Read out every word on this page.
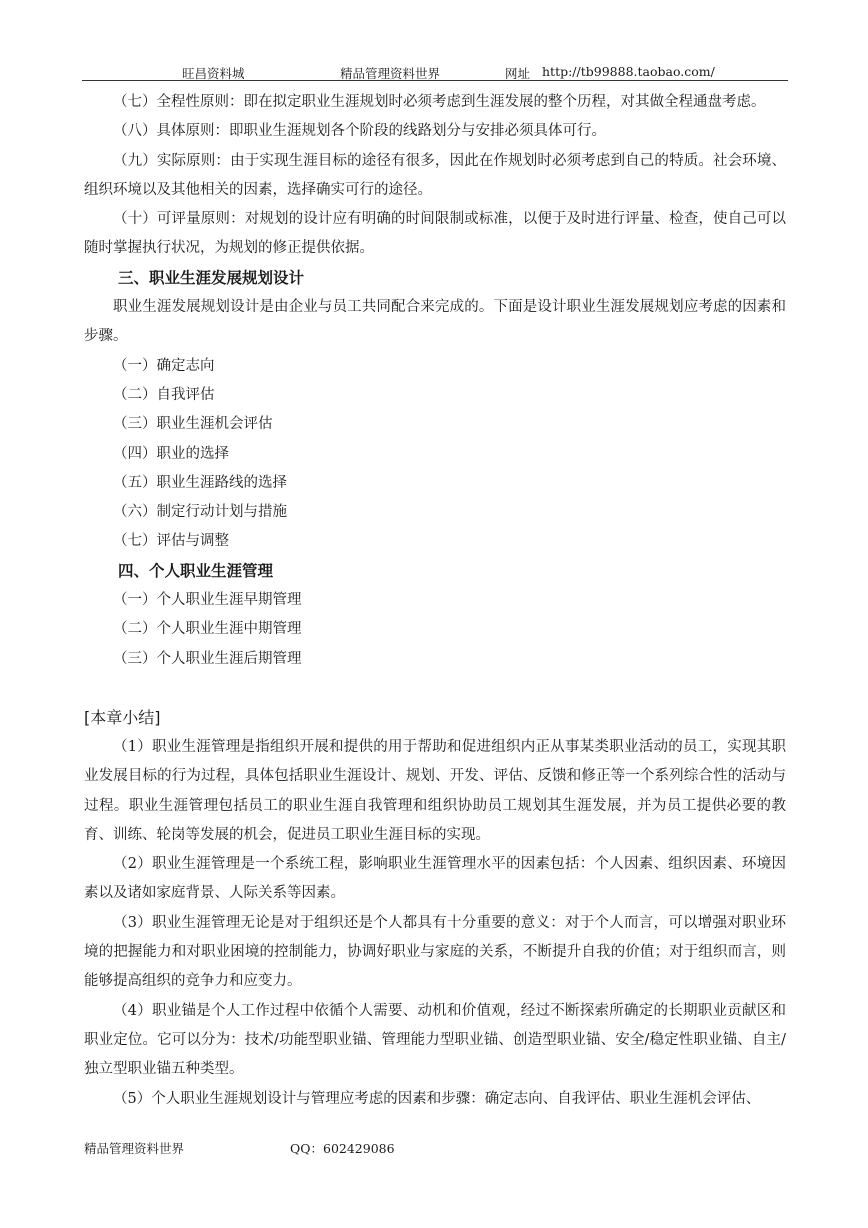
旺昌资料城	精品管理资料世界	网址 http://tb99888.taobao.com/

（七）全程性原则：即在拟定职业生涯规划时必须考虑到生涯发展的整个历程，对其做全程通盘考虑。

（八）具体原则：即职业生涯规划各个阶段的线路划分与安排必须具体可行。

（九）实际原则：由于实现生涯目标的途径有很多，因此在作规划时必须考虑到自己的特质。社会环境、组织环境以及其他相关的因素，选择确实可行的途径。

（十）可评量原则：对规划的设计应有明确的时间限制或标准，以便于及时进行评量、检查，使自己可以随时掌握执行状况，为规划的修正提供依据。

三、职业生涯发展规划设计

职业生涯发展规划设计是由企业与员工共同配合来完成的。下面是设计职业生涯发展规划应考虑的因素和步骤。

（一）确定志向

（二）自我评估

（三）职业生涯机会评估

（四）职业的选择

（五）职业生涯路线的选择

（六）制定行动计划与措施

（七）评估与调整

四、个人职业生涯管理

（一）个人职业生涯早期管理

（二）个人职业生涯中期管理

（三）个人职业生涯后期管理

[本章小结]

（1）职业生涯管理是指组织开展和提供的用于帮助和促进组织内正从事某类职业活动的员工，实现其职业发展目标的行为过程，具体包括职业生涯设计、规划、开发、评估、反馈和修正等一个系列综合性的活动与过程。职业生涯管理包括员工的职业生涯自我管理和组织协助员工规划其生涯发展，并为员工提供必要的教育、训练、轮岗等发展的机会，促进员工职业生涯目标的实现。

（2）职业生涯管理是一个系统工程，影响职业生涯管理水平的因素包括：个人因素、组织因素、环境因素以及诸如家庭背景、人际关系等因素。

（3）职业生涯管理无论是对于组织还是个人都具有十分重要的意义：对于个人而言，可以增强对职业环境的把握能力和对职业困境的控制能力，协调好职业与家庭的关系，不断提升自我的价值；对于组织而言，则能够提高组织的竞争力和应变力。

（4）职业锚是个人工作过程中依循个人需要、动机和价值观，经过不断探索所确定的长期职业贡献区和职业定位。它可以分为：技术/功能型职业锚、管理能力型职业锚、创造型职业锚、安全/稳定性职业锚、自主/独立型职业锚五种类型。

（5）个人职业生涯规划设计与管理应考虑的因素和步骤：确定志向、自我评估、职业生涯机会评估、

精品管理资料世界	QQ：602429086
